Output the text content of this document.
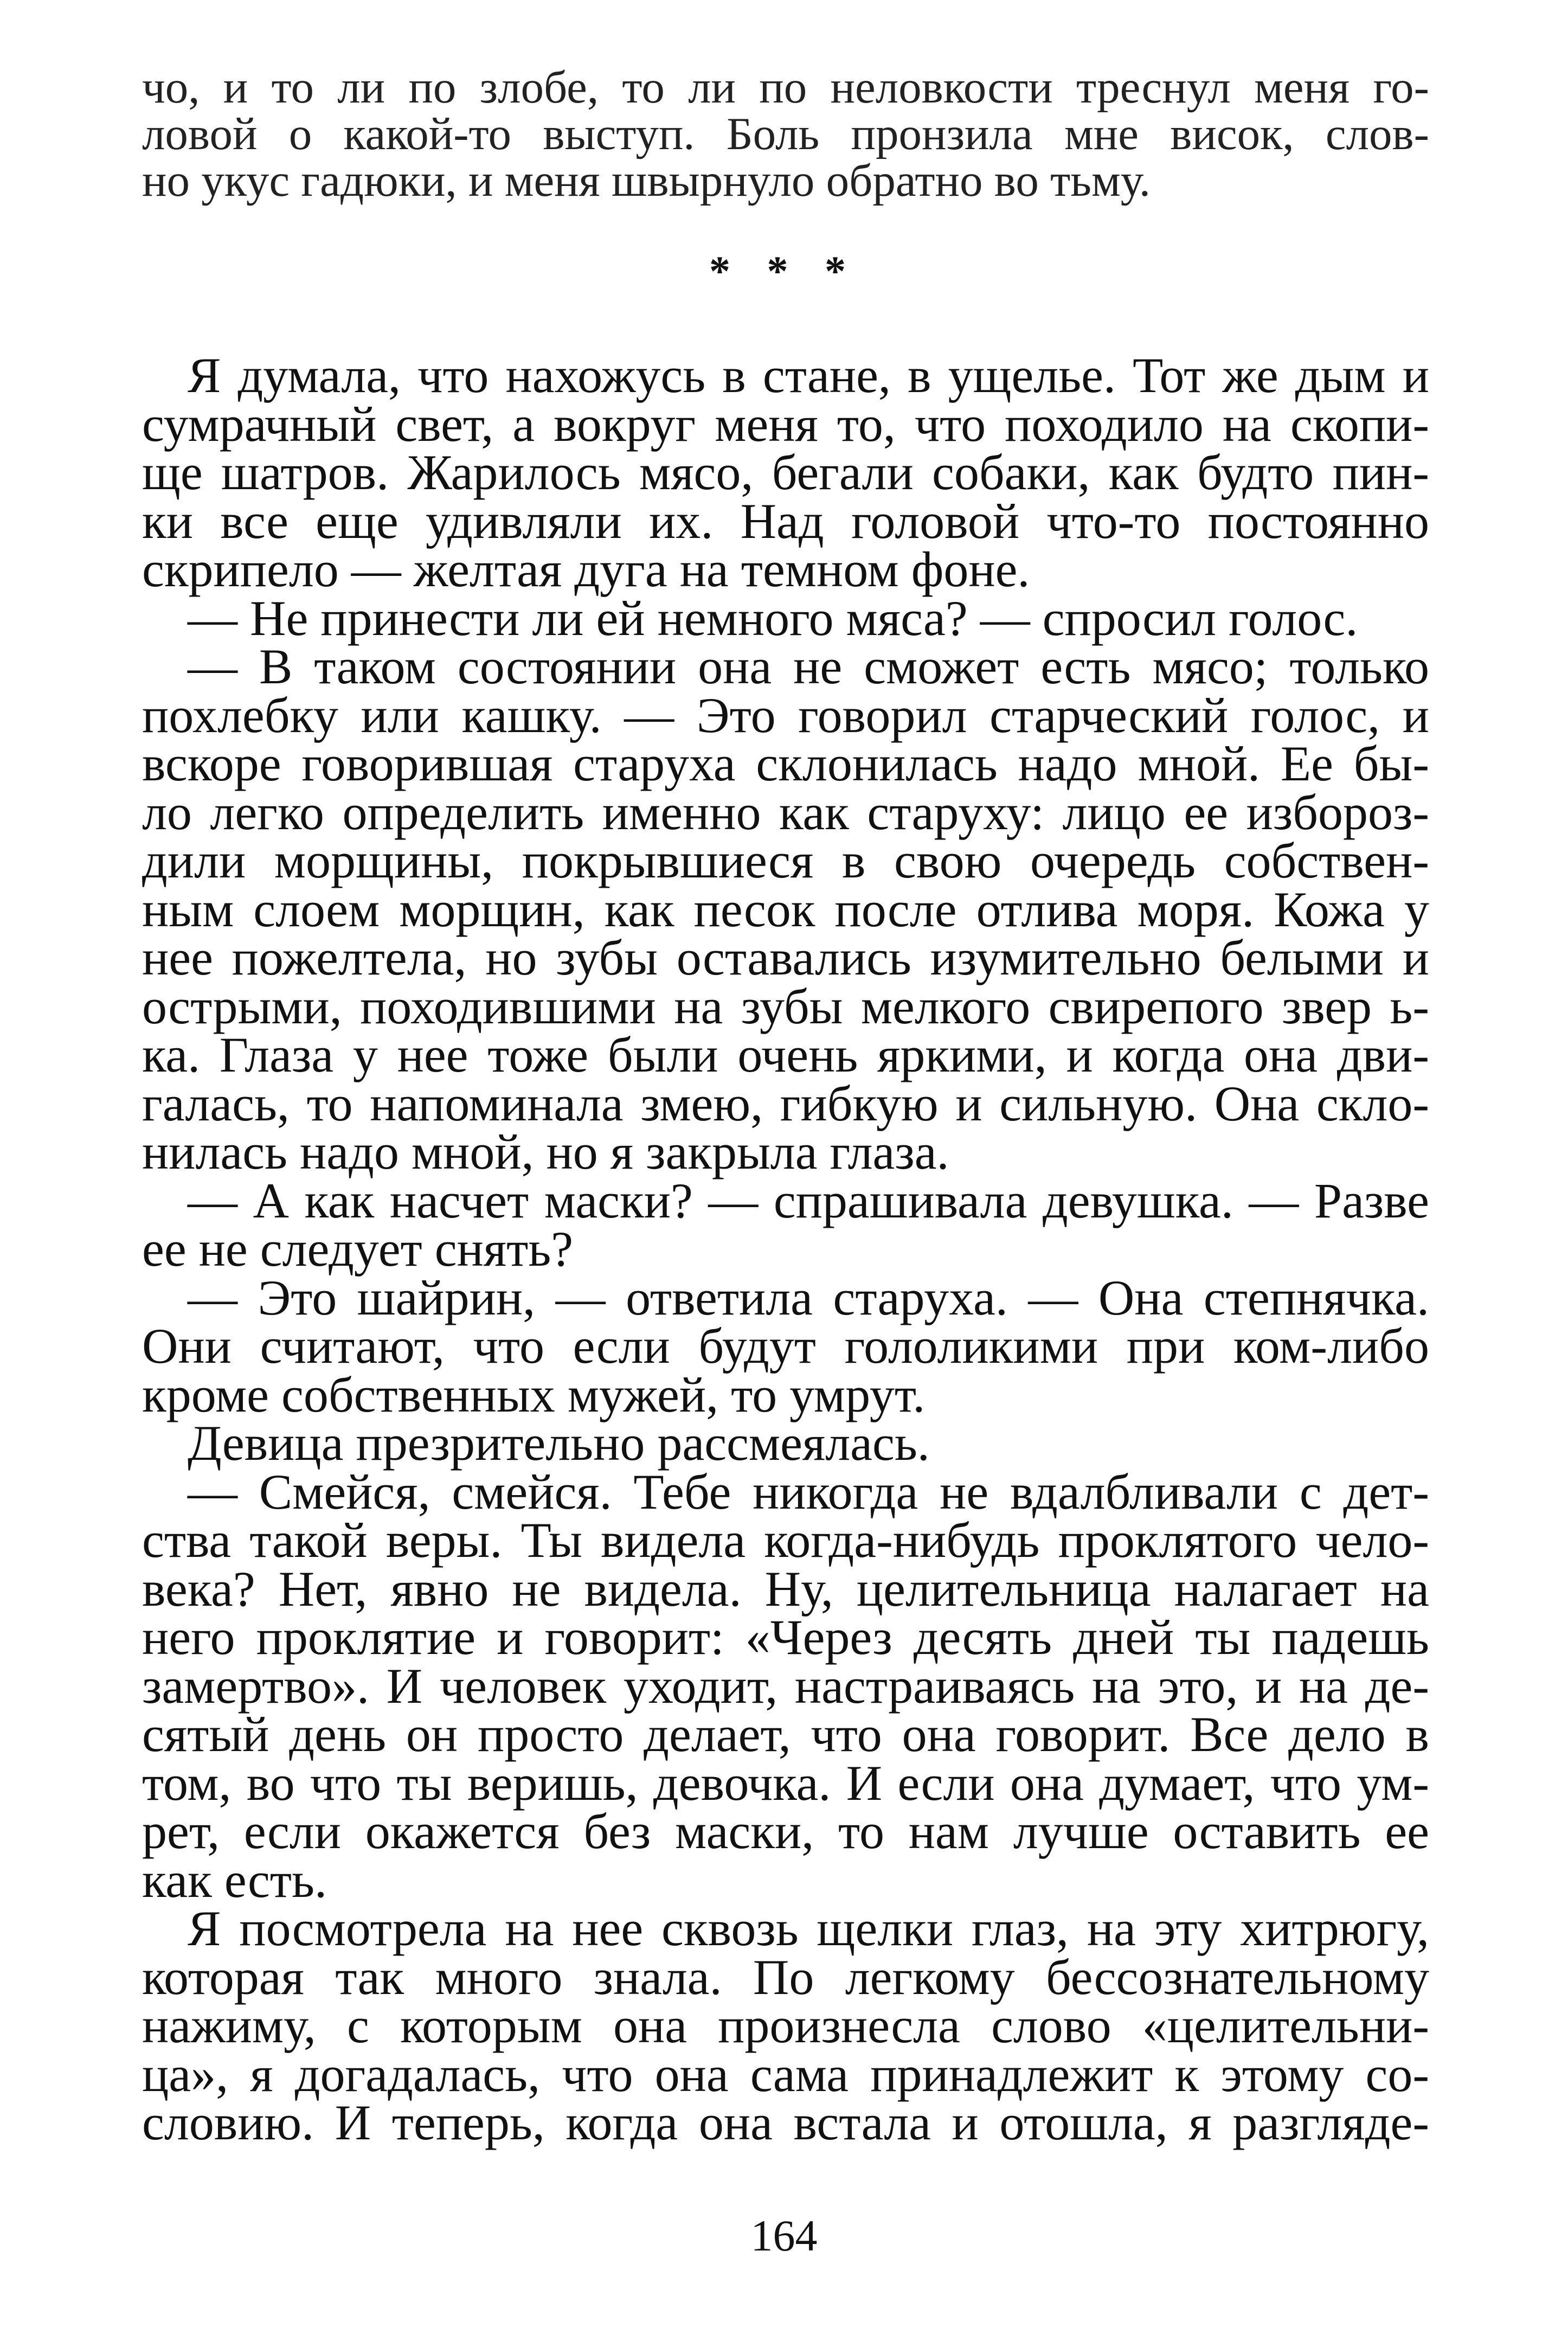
чо, и то ли по злобе, то ли по неловкости треснул меня го-

ловой о какой-то выступ. Боль пронзила мне висок, слов-

но укус гадюки, и меня швырнуло обратно во тьму.

* * *

Я думала, что нахожусь в стане, в ущелье. Тот же дым и

сумрачный свет, а вокруг меня то, что походило на скопи-

ще шатров. Жарилось мясо, бегали собаки, как будто пин-

ки все еще удивляли их. Над головой что-то постоянно

скрипело — желтая дуга на темном фоне.

— Не принести ли ей немного мяса? — спросил голос.

— В таком состоянии она не сможет есть мясо; только

похлебку или кашку. — Это говорил старческий голос, и

вскоре говорившая старуха склонилась надо мной. Ее бы-

ло легко определить именно как старуху: лицо ее изборoз-

дили морщины, покрывшиеся в свою очередь собствен-

ным слоем морщин, как песок после отлива моря. Кожа у

нее пожелтела, но зубы оставались изумительно белыми и

острыми, походившими на зубы мелкого свирепого звер ь-

ка. Глаза у нее тоже были очень яркими, и когда она дви-

галась, то напоминала змею, гибкую и сильную. Она скло-

нилась надо мной, но я закрыла глаза.

— А как насчет маски? — спрашивала девушка. — Разве

ее не следует снять?

— Это шайрин, — ответила старуха. — Она степнячка.

Они считают, что если будут гололикими при ком-либо

кроме собственных мужей, то умрут.

Девица презрительно рассмеялась.

— Смейся, смейся. Тебе никогда не вдалбливали с дет-

ства такой веры. Ты видела когда-нибудь проклятого чело-

века? Нет, явно не видела. Ну, целительница налагает на

него проклятие и говорит: «Через десять дней ты падешь

замертво». И человек уходит, настраиваясь на это, и на де-

сятый день он просто делает, что она говорит. Все дело в

том, во что ты веришь, девочка. И если она думает, что ум-

рет, если окажется без маски, то нам лучше оставить ее

как есть.

Я посмотрела на нее сквозь щелки глаз, на эту хитрюгу,

которая так много знала. По легкому бессознательному

нажиму, с которым она произнесла слово «целительни-

ца», я догадалась, что она сама принадлежит к этому со-

словию. И теперь, когда она встала и отошла, я разгляде-

164
